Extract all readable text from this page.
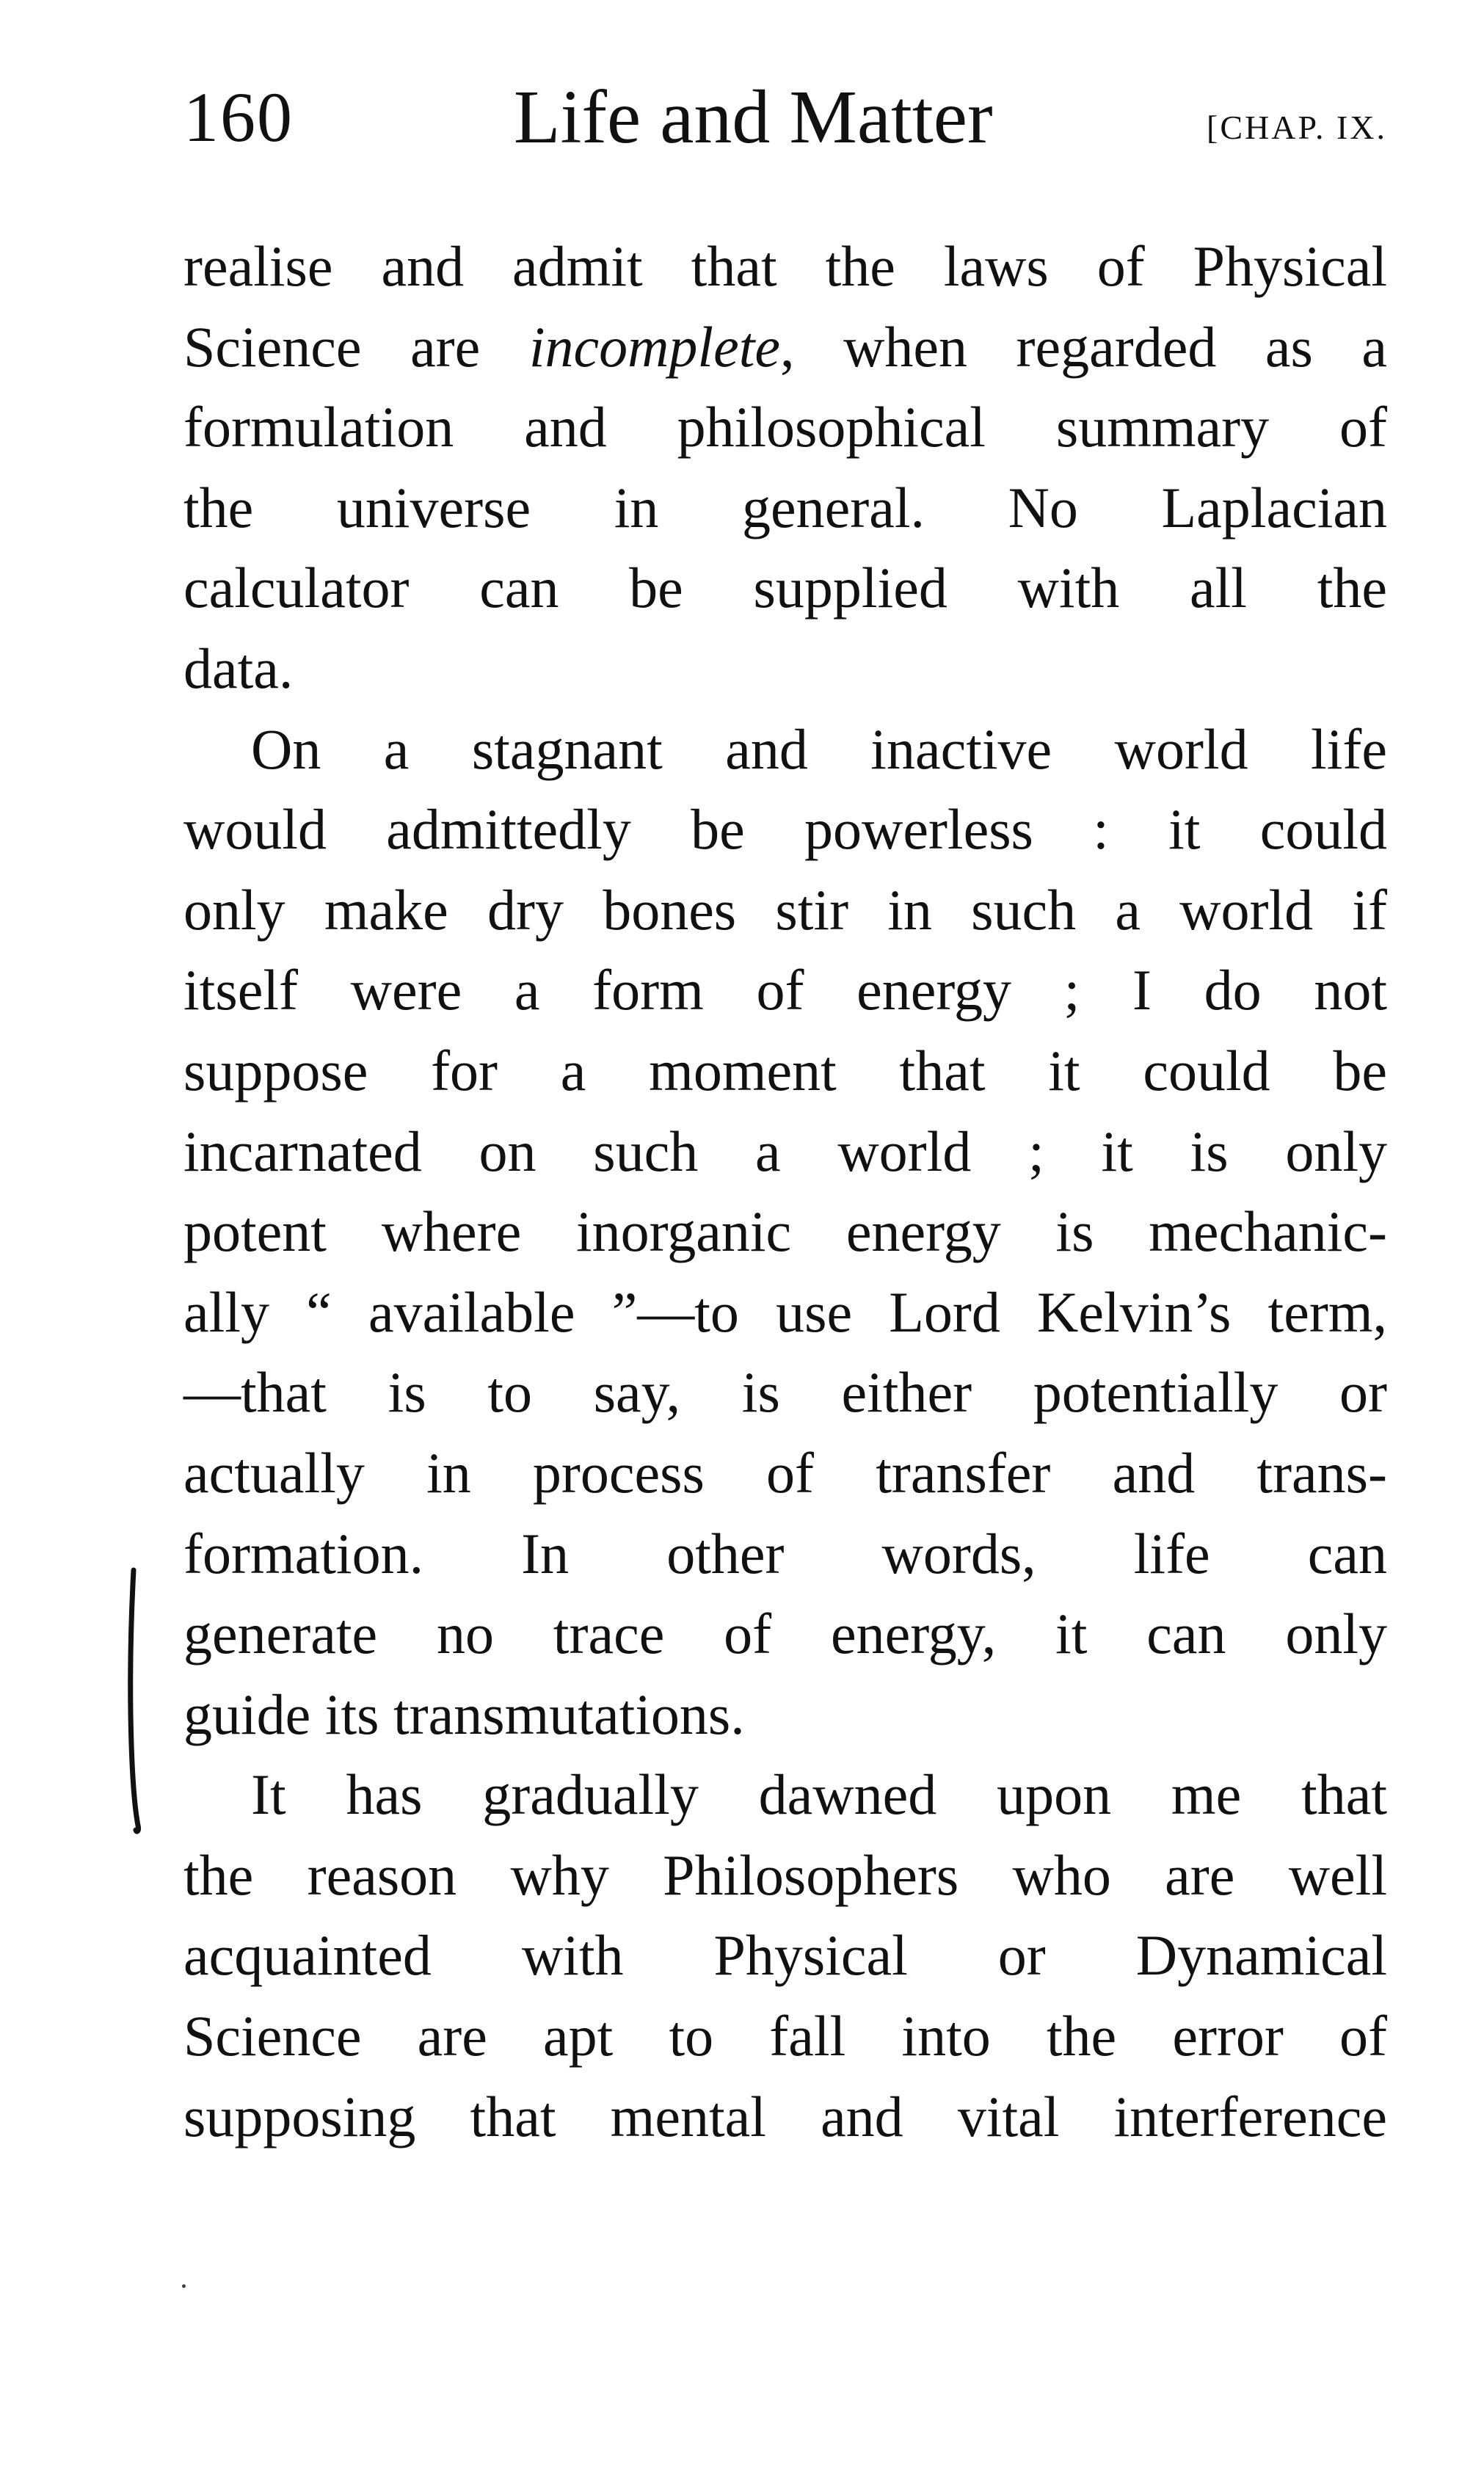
160	Life and Matter	[CHAP. IX.
realise and admit that the laws of Physical
Science are incomplete, when regarded as a
formulation and philosophical summary of
the universe in general. No Laplacian
calculator can be supplied with all the
data.
On a stagnant and inactive world life
would admittedly be powerless : it could
only make dry bones stir in such a world if
itself were a form of energy ; I do not
suppose for a moment that it could be
incarnated on such a world ; it is only
potent where inorganic energy is mechanic-
ally “ available ”—to use Lord Kelvin’s term,
—that is to say, is either potentially or
actually in process of transfer and trans-
formation. In other words, life can
generate no trace of energy, it can only
guide its transmutations.
It has gradually dawned upon me that
the reason why Philosophers who are well
acquainted with Physical or Dynamical
Science are apt to fall into the error of
supposing that mental and vital interference
